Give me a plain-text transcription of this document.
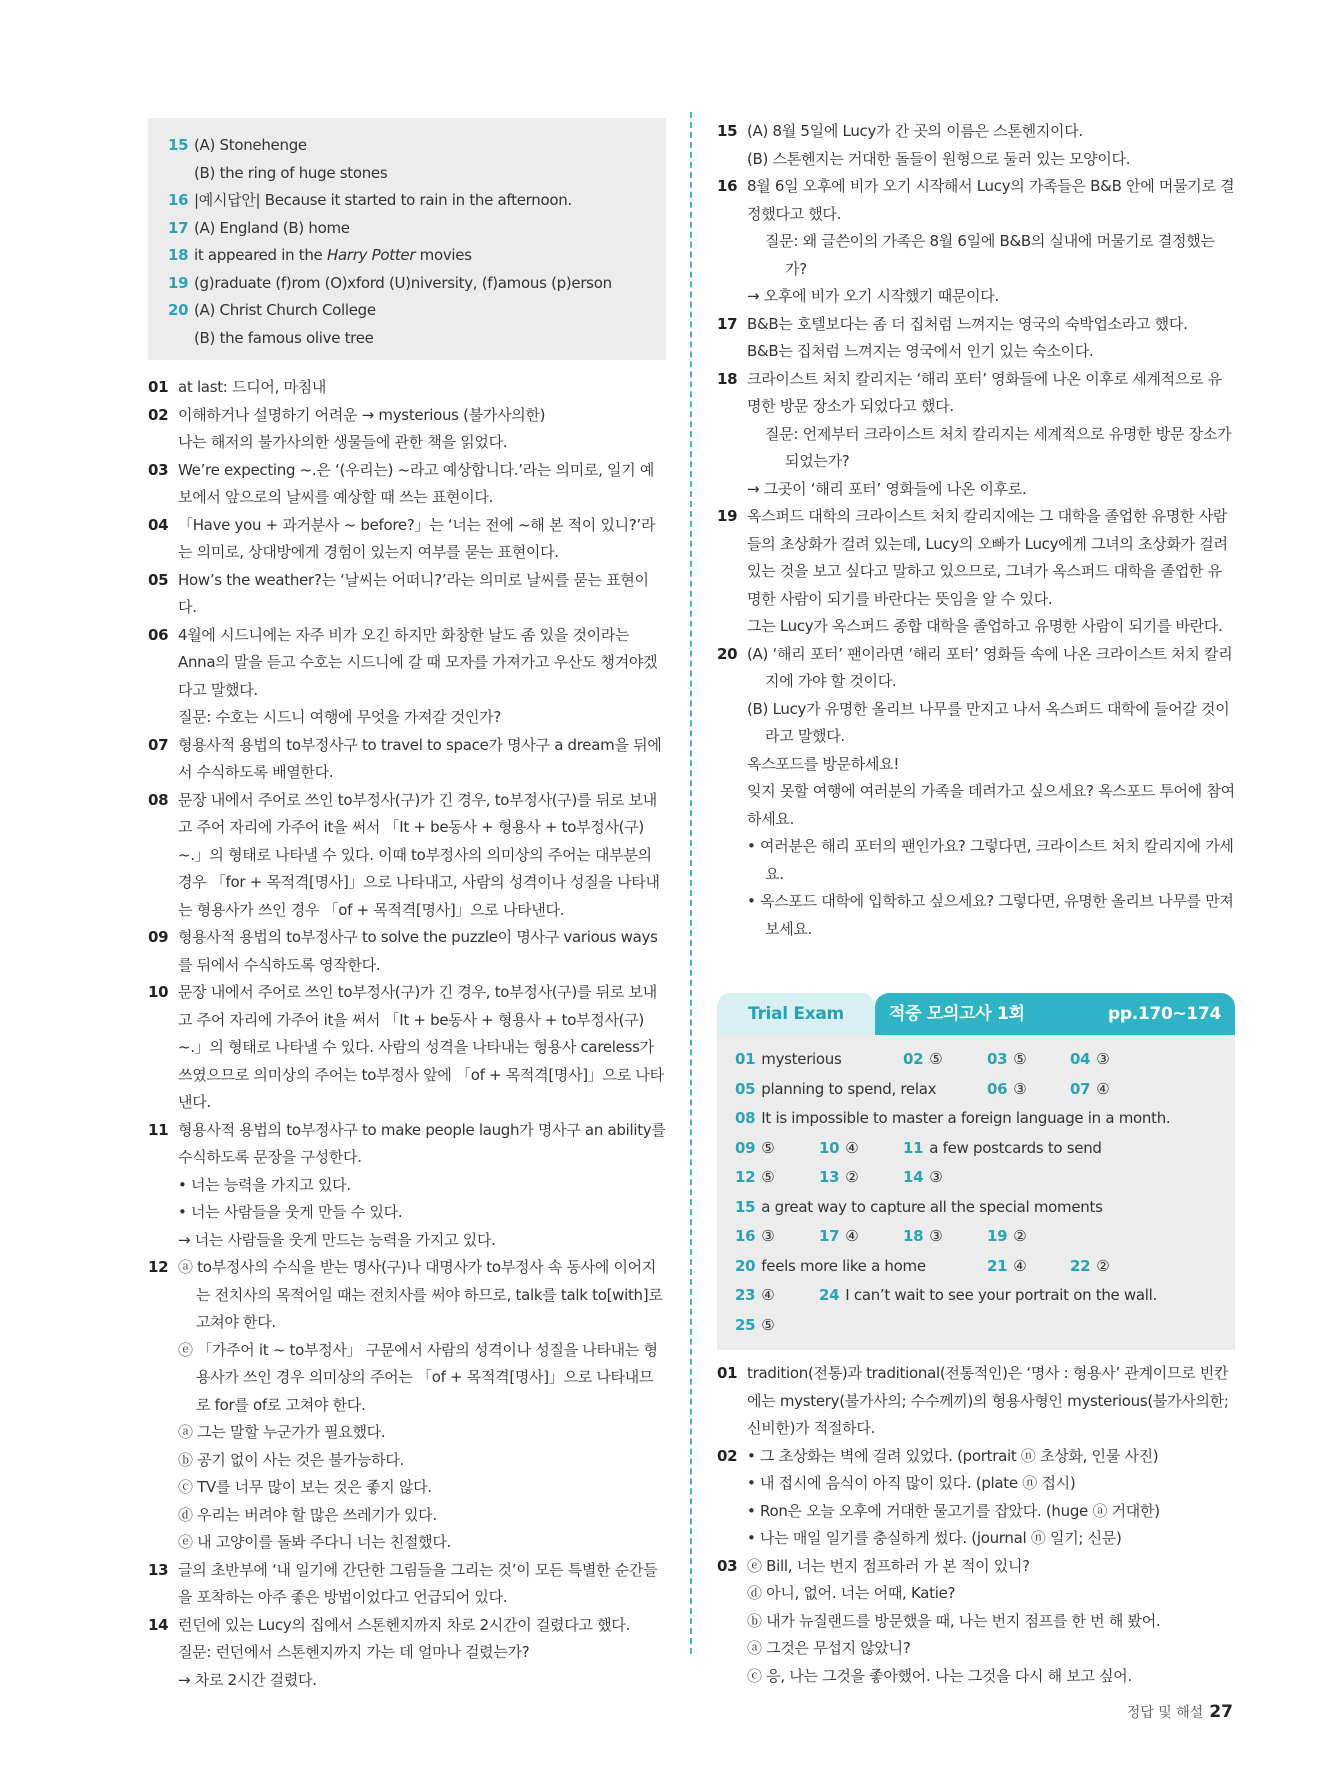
15 (A) Stonehenge
(B) the ring of huge stones
16 |예시답안| Because it started to rain in the afternoon.
17 (A) England (B) home
18 it appeared in the Harry Potter movies
19 (g)raduate (f)rom (O)xford (U)niversity, (f)amous (p)erson
20 (A) Christ Church College
(B) the famous olive tree
01 at last: 드디어, 마침내
02 이해하거나 설명하기 어려운 → mysterious (불가사의한)
나는 해저의 불가사의한 생물들에 관한 책을 읽었다.
03 We’re expecting ~.은 ‘(우리는) ~라고 예상합니다.’라는 의미로, 일기 예보에서 앞으로의 날씨를 예상할 때 쓰는 표현이다.
04 「Have you + 과거분사 ~ before?」는 ‘너는 전에 ~해 본 적이 있니?’라는 의미로, 상대방에게 경험이 있는지 여부를 묻는 표현이다.
05 How’s the weather?는 ‘날씨는 어떠니?’라는 의미로 날씨를 묻는 표현이다.
06 4월에 시드니에는 자주 비가 오긴 하지만 화창한 날도 좀 있을 것이라는 Anna의 말을 듣고 수호는 시드니에 갈 때 모자를 가져가고 우산도 챙겨야겠다고 말했다.
질문: 수호는 시드니 여행에 무엇을 가져갈 것인가?
07 형용사적 용법의 to부정사구 to travel to space가 명사구 a dream을 뒤에서 수식하도록 배열한다.
08 문장 내에서 주어로 쓰인 to부정사(구)가 긴 경우, to부정사(구)를 뒤로 보내고 주어 자리에 가주어 it을 써서 「It + be동사 + 형용사 + to부정사(구) ~.」의 형태로 나타낼 수 있다. 이때 to부정사의 의미상의 주어는 대부분의 경우 「for + 목적격[명사]」으로 나타내고, 사람의 성격이나 성질을 나타내는 형용사가 쓰인 경우 「of + 목적격[명사]」으로 나타낸다.
09 형용사적 용법의 to부정사구 to solve the puzzle이 명사구 various ways를 뒤에서 수식하도록 영작한다.
10 문장 내에서 주어로 쓰인 to부정사(구)가 긴 경우, to부정사(구)를 뒤로 보내고 주어 자리에 가주어 it을 써서 「It + be동사 + 형용사 + to부정사(구) ~.」의 형태로 나타낼 수 있다. 사람의 성격을 나타내는 형용사 careless가 쓰였으므로 의미상의 주어는 to부정사 앞에 「of + 목적격[명사]」으로 나타낸다.
11 형용사적 용법의 to부정사구 to make people laugh가 명사구 an ability를 수식하도록 문장을 구성한다.
• 너는 능력을 가지고 있다.
• 너는 사람들을 웃게 만들 수 있다.
→ 너는 사람들을 웃게 만드는 능력을 가지고 있다.
12 ⓐ to부정사의 수식을 받는 명사(구)나 대명사가 to부정사 속 동사에 이어지는 전치사의 목적어일 때는 전치사를 써야 하므로, talk를 talk to[with]로 고쳐야 한다.
ⓔ 「가주어 it ~ to부정사」 구문에서 사람의 성격이나 성질을 나타내는 형용사가 쓰인 경우 의미상의 주어는 「of + 목적격[명사]」으로 나타내므로 for를 of로 고쳐야 한다.
ⓐ 그는 말할 누군가가 필요했다.
ⓑ 공기 없이 사는 것은 불가능하다.
ⓒ TV를 너무 많이 보는 것은 좋지 않다.
ⓓ 우리는 버려야 할 많은 쓰레기가 있다.
ⓔ 내 고양이를 돌봐 주다니 너는 친절했다.
13 글의 초반부에 ‘내 일기에 간단한 그림들을 그리는 것’이 모든 특별한 순간들을 포착하는 아주 좋은 방법이었다고 언급되어 있다.
14 런던에 있는 Lucy의 집에서 스톤헨지까지 차로 2시간이 걸렸다고 했다.
질문: 런던에서 스톤헨지까지 가는 데 얼마나 걸렸는가?
→ 차로 2시간 걸렸다.
15 (A) 8월 5일에 Lucy가 간 곳의 이름은 스톤헨지이다.
(B) 스톤헨지는 거대한 돌들이 원형으로 둘러 있는 모양이다.
16 8월 6일 오후에 비가 오기 시작해서 Lucy의 가족들은 B&B 안에 머물기로 결정했다고 했다.
질문: 왜 글쓴이의 가족은 8월 6일에 B&B의 실내에 머물기로 결정했는가?
→ 오후에 비가 오기 시작했기 때문이다.
17 B&B는 호텔보다는 좀 더 집처럼 느껴지는 영국의 숙박업소라고 했다.
B&B는 집처럼 느껴지는 영국에서 인기 있는 숙소이다.
18 크라이스트 처치 칼리지는 ‘해리 포터’ 영화들에 나온 이후로 세계적으로 유명한 방문 장소가 되었다고 했다.
질문: 언제부터 크라이스트 처치 칼리지는 세계적으로 유명한 방문 장소가 되었는가?
→ 그곳이 ‘해리 포터’ 영화들에 나온 이후로.
19 옥스퍼드 대학의 크라이스트 처치 칼리지에는 그 대학을 졸업한 유명한 사람들의 초상화가 걸려 있는데, Lucy의 오빠가 Lucy에게 그녀의 초상화가 걸려 있는 것을 보고 싶다고 말하고 있으므로, 그녀가 옥스퍼드 대학을 졸업한 유명한 사람이 되기를 바란다는 뜻임을 알 수 있다.
그는 Lucy가 옥스퍼드 종합 대학을 졸업하고 유명한 사람이 되기를 바란다.
20 (A) ‘해리 포터’ 팬이라면 ‘해리 포터’ 영화들 속에 나온 크라이스트 처치 칼리지에 가야 할 것이다.
(B) Lucy가 유명한 올리브 나무를 만지고 나서 옥스퍼드 대학에 들어갈 것이라고 말했다.
옥스포드를 방문하세요!
잊지 못할 여행에 여러분의 가족을 데려가고 싶으세요? 옥스포드 투어에 참여하세요.
• 여러분은 해리 포터의 팬인가요? 그렇다면, 크라이스트 처치 칼리지에 가세요.
• 옥스포드 대학에 입학하고 싶으세요? 그렇다면, 유명한 올리브 나무를 만져 보세요.
Trial Exam	적중 모의고사 1회	pp.170~174
01 mysterious	02 ⑤	03 ⑤	04 ③
05 planning to spend, relax	06 ③	07 ④
08 It is impossible to master a foreign language in a month.
09 ⑤	10 ④	11 a few postcards to send
12 ⑤	13 ②	14 ③
15 a great way to capture all the special moments
16 ③	17 ④	18 ③	19 ②
20 feels more like a home	21 ④	22 ②
23 ④	24 I can’t wait to see your portrait on the wall.
25 ⑤
01 tradition(전통)과 traditional(전통적인)은 ‘명사 : 형용사’ 관계이므로 빈칸에는 mystery(불가사의; 수수께끼)의 형용사형인 mysterious(불가사의한; 신비한)가 적절하다.
02 • 그 초상화는 벽에 걸려 있었다. (portrait ⓝ 초상화, 인물 사진)
• 내 접시에 음식이 아직 많이 있다. (plate ⓝ 접시)
• Ron은 오늘 오후에 거대한 물고기를 잡았다. (huge ⓐ 거대한)
• 나는 매일 일기를 충실하게 썼다. (journal ⓝ 일기; 신문)
03 ⓔ Bill, 너는 번지 점프하러 가 본 적이 있니?
ⓓ 아니, 없어. 너는 어때, Katie?
ⓑ 내가 뉴질랜드를 방문했을 때, 나는 번지 점프를 한 번 해 봤어.
ⓐ 그것은 무섭지 않았니?
ⓒ 응, 나는 그것을 좋아했어. 나는 그것을 다시 해 보고 싶어.
정답 및 해설 27
